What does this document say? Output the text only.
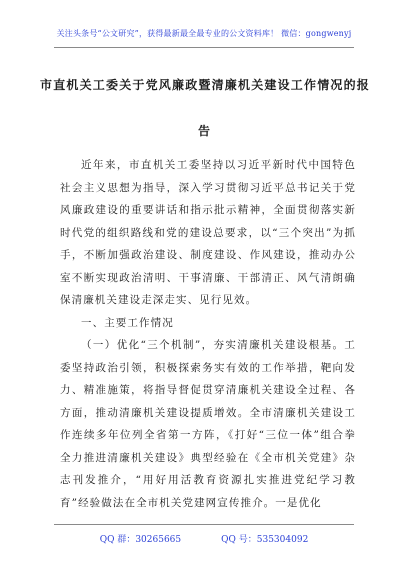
关注头条号“公文研究”，获得最新最全最专业的公文资料库！ 微信：gongwenyj
市直机关工委关于党风廉政暨清廉机关建设工作情况的报
告

近年来，市直机关工委坚持以习近平新时代中国特色社会主义思想为指导，深入学习贯彻习近平总书记关于党风廉政建设的重要讲话和指示批示精神，全面贯彻落实新时代党的组织路线和党的建设总要求，以“三个突出”为抓手，不断加强政治建设、制度建设、作风建设，推动办公室不断实现政治清明、干事清廉、干部清正、风气清朗确保清廉机关建设走深走实、见行见效。

一、主要工作情况

（一）优化“三个机制”，夯实清廉机关建设根基。工委坚持政治引领，积极探索务实有效的工作举措，靶向发力、精准施策，将指导督促贯穿清廉机关建设全过程、各方面，推动清廉机关建设提质增效。全市清廉机关建设工作连续多年位列全省第一方阵，《打好“三位一体”组合拳全力推进清廉机关建设》典型经验在《全市机关党建》杂志刊发推介，“用好用活教育资源扎实推进党纪学习教育”经验做法在全市机关党建网宣传推介。一是优化

QQ 群：30265665	QQ 号：535304092
